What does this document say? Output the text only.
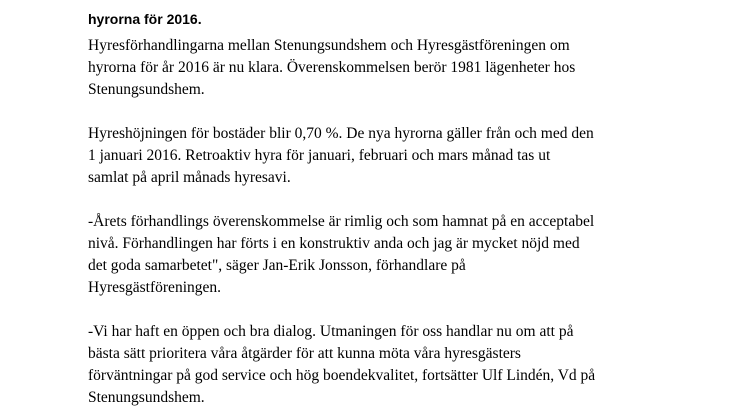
hyrorna för 2016.

Hyresförhandlingarna mellan Stenungsundshem och Hyresgästföreningen om
hyrorna för år 2016 är nu klara. Överenskommelsen berör 1981 lägenheter hos
Stenungsundshem.

Hyreshöjningen för bostäder blir 0,70 %. De nya hyrorna gäller från och med den
1 januari 2016. Retroaktiv hyra för januari, februari och mars månad tas ut
samlat på april månads hyresavi.

-Årets förhandlings överenskommelse är rimlig och som hamnat på en acceptabel
nivå. Förhandlingen har förts i en konstruktiv anda och jag är mycket nöjd med
det goda samarbetet", säger Jan-Erik Jonsson, förhandlare på
Hyresgästföreningen.

-Vi har haft en öppen och bra dialog. Utmaningen för oss handlar nu om att på
bästa sätt prioritera våra åtgärder för att kunna möta våra hyresgästers
förväntningar på god service och hög boendekvalitet, fortsätter Ulf Lindén, Vd på
Stenungsundshem.
